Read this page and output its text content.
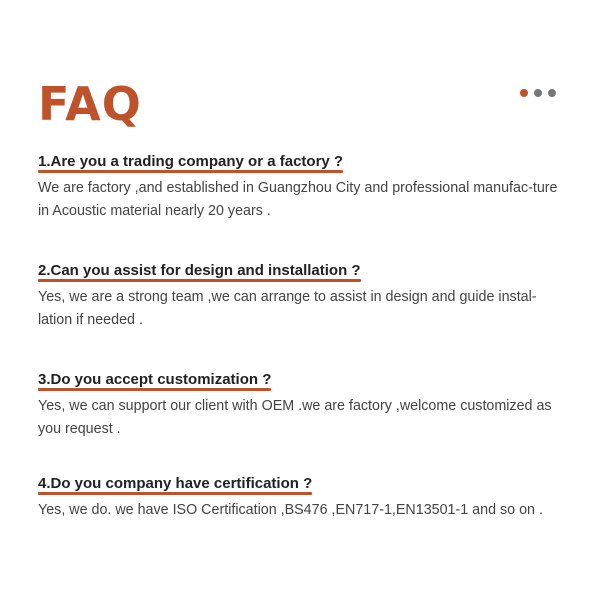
FAQ
1.Are you a trading company or a factory ?

We are factory ,and established in Guangzhou City and professional manufac-ture in Acoustic material nearly 20 years .

2.Can you assist for design and installation ?

Yes, we are a strong team ,we can arrange to assist in design and guide instal-lation if needed .

3.Do you accept customization ?

Yes, we can support our client with OEM .we are factory ,welcome customized as you request .

4.Do you company have certification ?

Yes, we do. we have ISO Certification ,BS476 ,EN717-1,EN13501-1 and so on .
